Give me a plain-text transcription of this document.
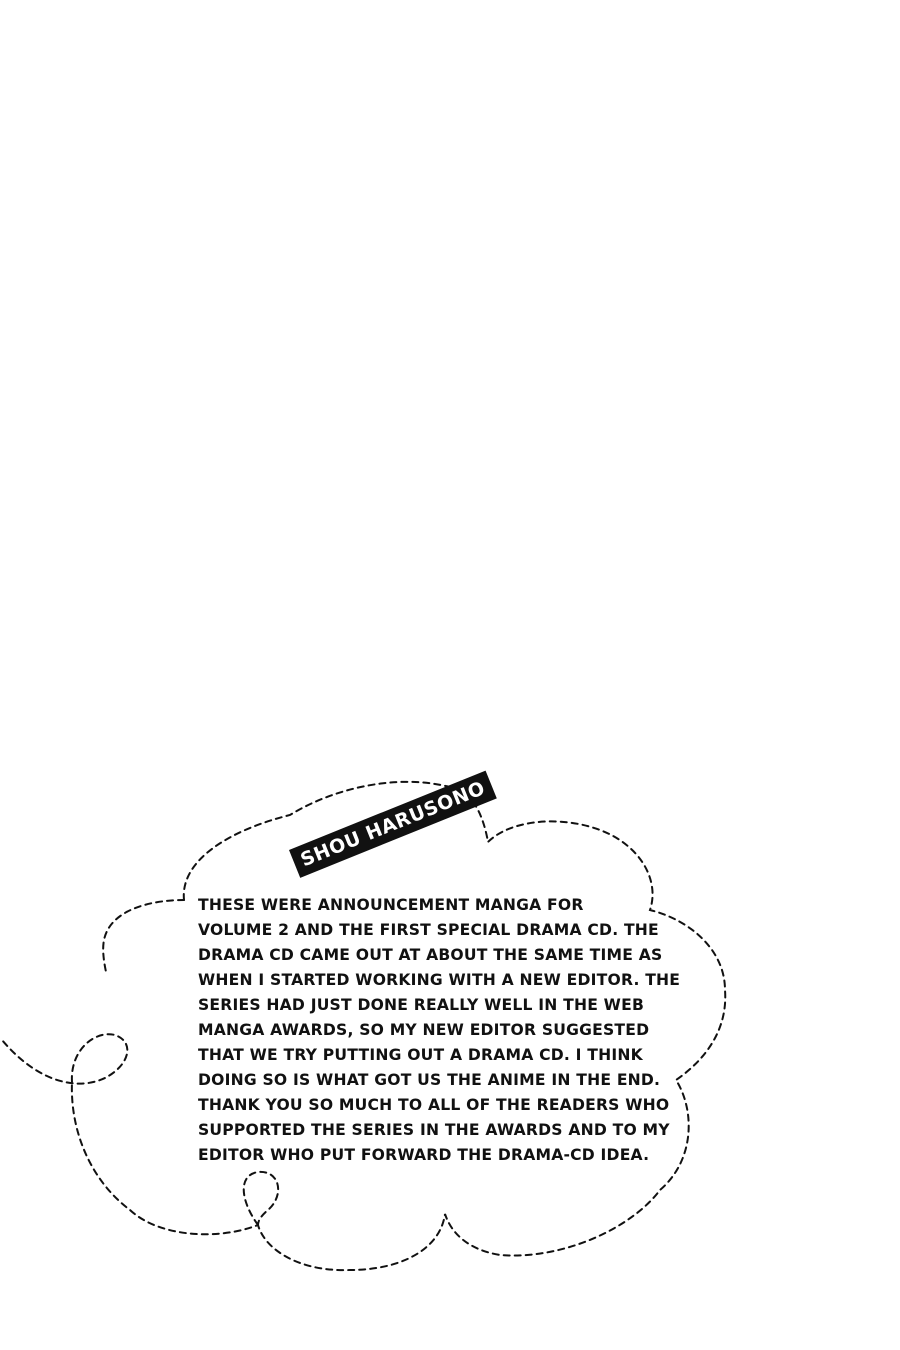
SHOU HARUSONO

THESE WERE ANNOUNCEMENT MANGA FOR
VOLUME 2 AND THE FIRST SPECIAL DRAMA CD. THE
DRAMA CD CAME OUT AT ABOUT THE SAME TIME AS
WHEN I STARTED WORKING WITH A NEW EDITOR. THE
SERIES HAD JUST DONE REALLY WELL IN THE WEB
MANGA AWARDS, SO MY NEW EDITOR SUGGESTED
THAT WE TRY PUTTING OUT A DRAMA CD. I THINK
DOING SO IS WHAT GOT US THE ANIME IN THE END.
THANK YOU SO MUCH TO ALL OF THE READERS WHO
SUPPORTED THE SERIES IN THE AWARDS AND TO MY
EDITOR WHO PUT FORWARD THE DRAMA-CD IDEA.
